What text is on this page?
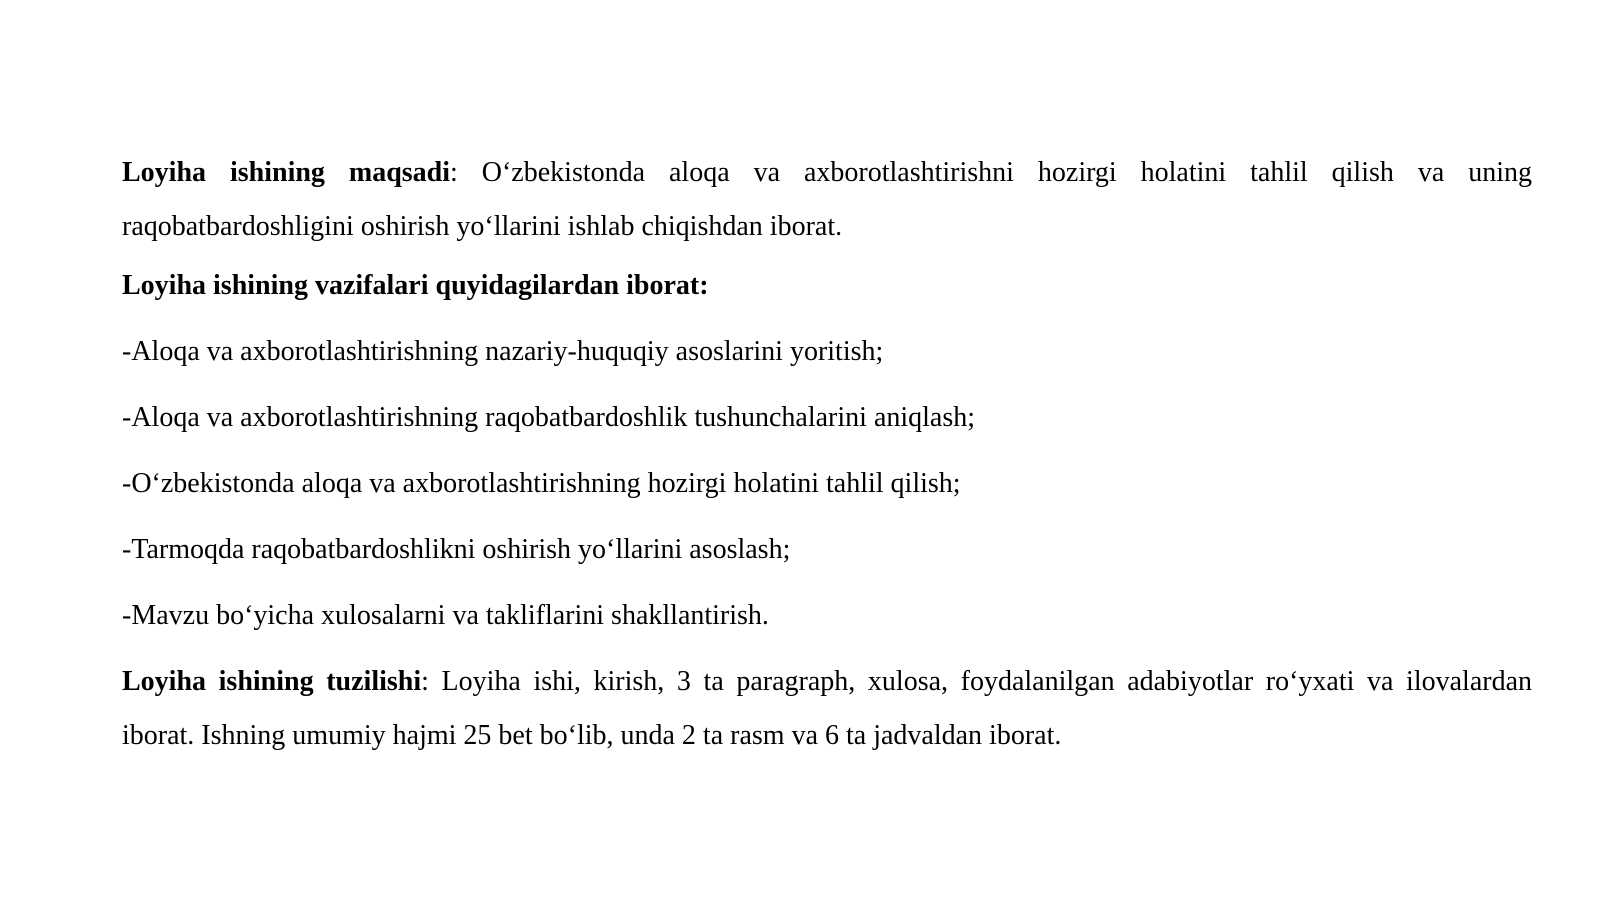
Loyiha ishining maqsadi: O‘zbekistonda aloqa va axborotlashtirishni hozirgi holatini tahlil qilish va uning raqobatbardoshligini oshirish yo‘llarini ishlab chiqishdan iborat.

Loyiha ishining vazifalari quyidagilardan iborat:

-Aloqa va axborotlashtirishning nazariy-huquqiy asoslarini yoritish;

-Aloqa va axborotlashtirishning raqobatbardoshlik tushunchalarini aniqlash;

-O‘zbekistonda aloqa va axborotlashtirishning hozirgi holatini tahlil qilish;

-Tarmoqda raqobatbardoshlikni oshirish yo‘llarini asoslash;

-Mavzu bo‘yicha xulosalarni va takliflarini shakllantirish.

Loyiha ishining tuzilishi: Loyiha ishi, kirish, 3 ta paragraph, xulosa, foydalanilgan adabiyotlar ro‘yxati va ilovalardan iborat. Ishning umumiy hajmi 25 bet bo‘lib, unda 2 ta rasm va 6 ta jadvaldan iborat.
